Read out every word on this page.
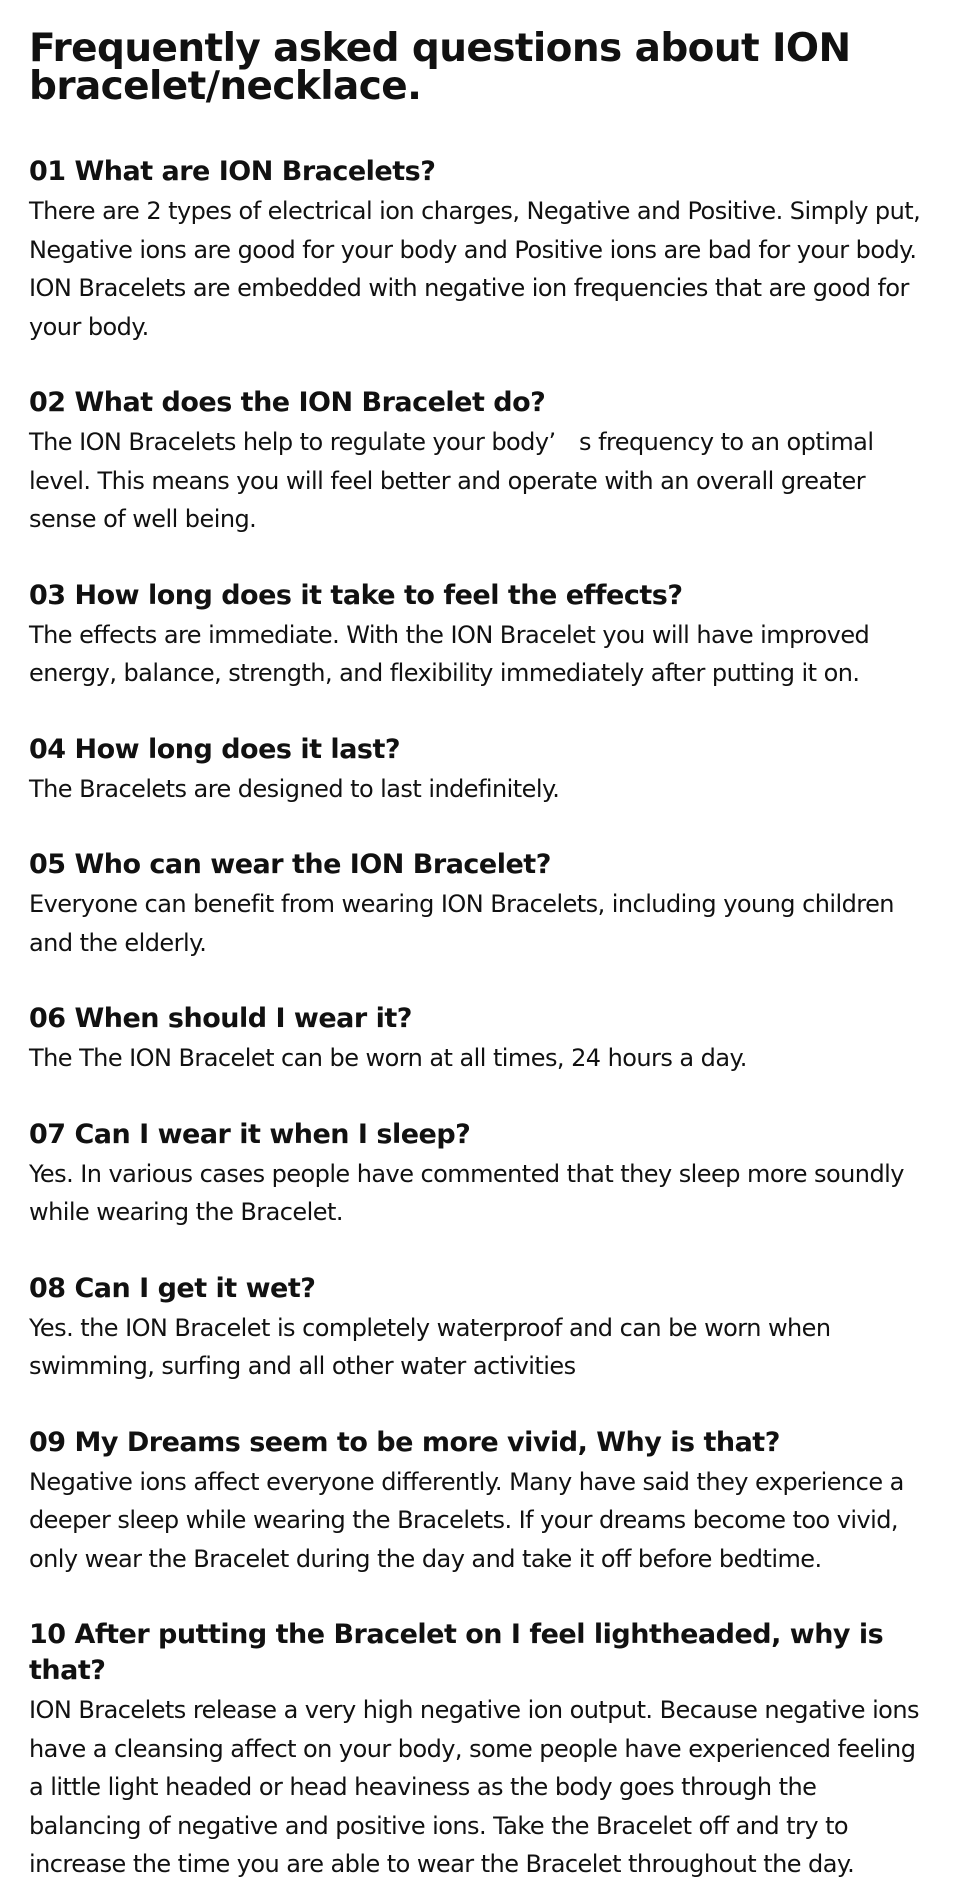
Frequently asked questions about ION bracelet/necklace.
01 What are ION Bracelets?

There are 2 types of electrical ion charges, Negative and Positive. Simply put, Negative ions are good for your body and Positive ions are bad for your body. ION Bracelets are embedded with negative ion frequencies that are good for your body.

02 What does the ION Bracelet do?

The ION Bracelets help to regulate your body’　s frequency to an optimal level. This means you will feel better and operate with an overall greater sense of well being.

03 How long does it take to feel the effects?

The effects are immediate. With the ION Bracelet you will have improved energy, balance, strength, and flexibility immediately after putting it on.

04 How long does it last?

The Bracelets are designed to last indefinitely.

05 Who can wear the ION Bracelet?

Everyone can benefit from wearing ION Bracelets, including young children and the elderly.

06 When should I wear it?

The The ION Bracelet can be worn at all times, 24 hours a day.

07 Can I wear it when I sleep?

Yes. In various cases people have commented that they sleep more soundly while wearing the Bracelet.

08 Can I get it wet?

Yes. the ION Bracelet is completely waterproof and can be worn when swimming, surfing and all other water activities

09 My Dreams seem to be more vivid, Why is that?

Negative ions affect everyone differently. Many have said they experience a deeper sleep while wearing the Bracelets. If your dreams become too vivid, only wear the Bracelet during the day and take it off before bedtime.

10 After putting the Bracelet on I feel lightheaded, why is that?

ION Bracelets release a very high negative ion output. Because negative ions have a cleansing affect on your body, some people have experienced feeling a little light headed or head heaviness as the body goes through the balancing of negative and positive ions. Take the Bracelet off and try to increase the time you are able to wear the Bracelet throughout the day.
